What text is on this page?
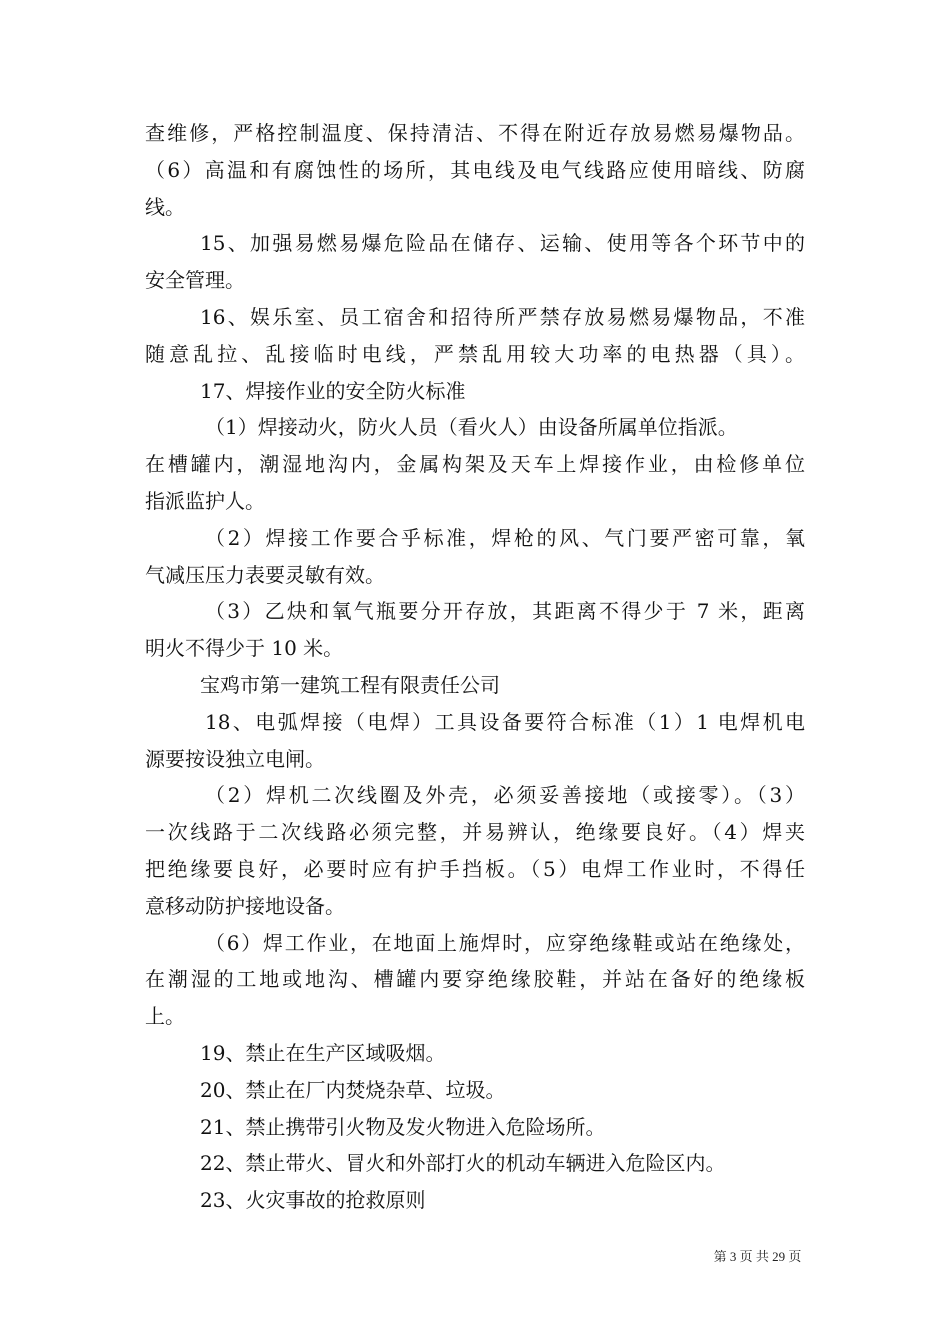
查维修，严格控制温度、保持清洁、不得在附近存放易燃易爆物品。
（6）高温和有腐蚀性的场所，其电线及电气线路应使用暗线、防腐
线。
15、加强易燃易爆危险品在储存、运输、使用等各个环节中的
安全管理。
16、娱乐室、员工宿舍和招待所严禁存放易燃易爆物品，不准
随意乱拉、乱接临时电线，严禁乱用较大功率的电热器（具）。
17、焊接作业的安全防火标准
（1）焊接动火，防火人员（看火人）由设备所属单位指派。
在槽罐内，潮湿地沟内，金属构架及天车上焊接作业，由检修单位
指派监护人。
（2）焊接工作要合乎标准，焊枪的风、气门要严密可靠，氧
气减压压力表要灵敏有效。
（3）乙炔和氧气瓶要分开存放，其距离不得少于 7 米，距离
明火不得少于 10 米。
宝鸡市第一建筑工程有限责任公司
18、电弧焊接（电焊）工具设备要符合标准（1）1 电焊机电
源要按设独立电闸。
（2）焊机二次线圈及外壳，必须妥善接地（或接零）。（3）
一次线路于二次线路必须完整，并易辨认，绝缘要良好。（4）焊夹
把绝缘要良好，必要时应有护手挡板。（5）电焊工作业时，不得任
意移动防护接地设备。
（6）焊工作业，在地面上施焊时，应穿绝缘鞋或站在绝缘处，
在潮湿的工地或地沟、槽罐内要穿绝缘胶鞋，并站在备好的绝缘板
上。
19、禁止在生产区域吸烟。
20、禁止在厂内焚烧杂草、垃圾。
21、禁止携带引火物及发火物进入危险场所。
22、禁止带火、冒火和外部打火的机动车辆进入危险区内。
23、火灾事故的抢救原则
第 3 页 共 29 页
